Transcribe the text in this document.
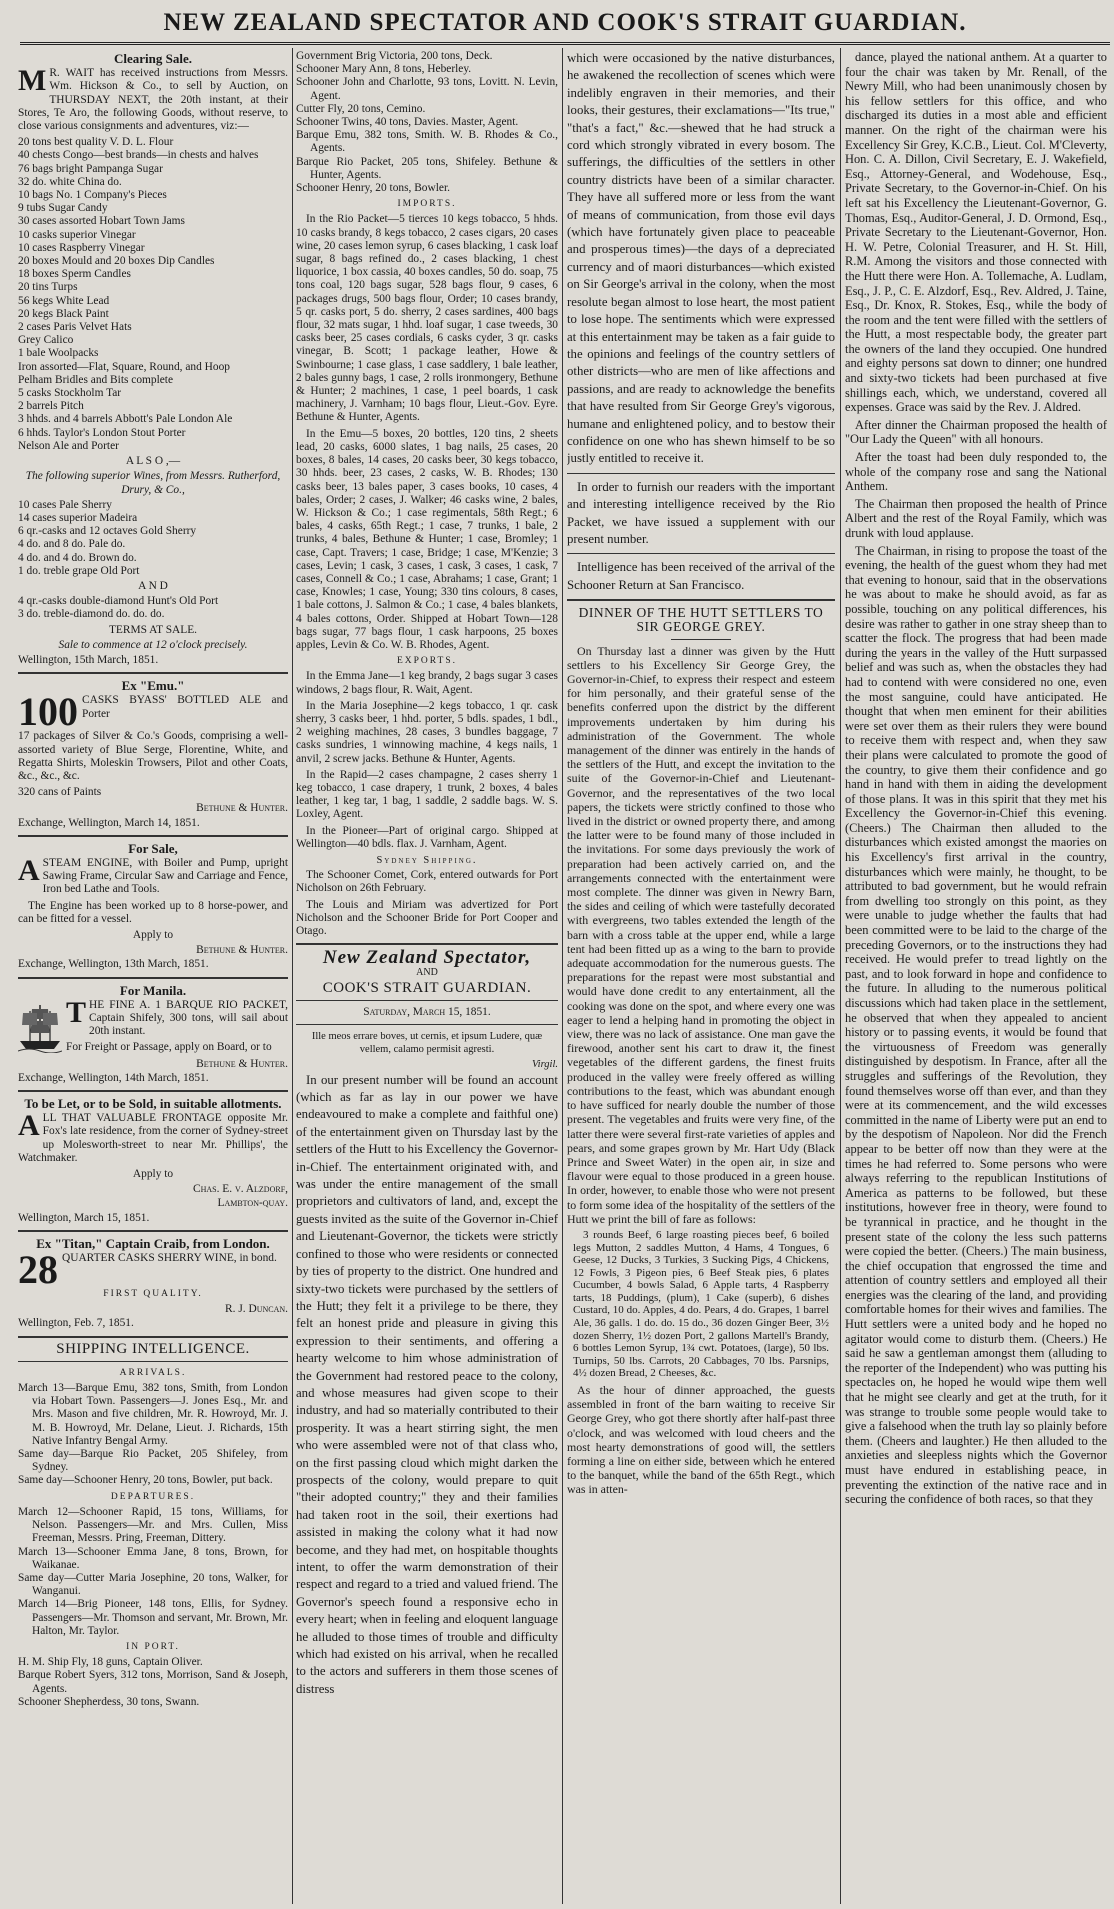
NEW ZEALAND SPECTATOR AND COOK'S STRAIT GUARDIAN.
Clearing Sale.

M R. WAIT has received instructions from Messrs. Wm. Hickson & Co., to sell by Auction, on THURSDAY NEXT, the 20th instant, at their Stores, Te Aro, the following Goods, without reserve, to close various consignments and adventures, viz:—

20 tons best quality V. D. L. Flour
40 chests Congo—best brands—in chests and halves
76 bags bright Pampanga Sugar
32 do. white China do.
10 bags No. 1 Company's Pieces
9 tubs Sugar Candy
30 cases assorted Hobart Town Jams
10 casks superior Vinegar
10 cases Raspberry Vinegar
20 boxes Mould and 20 boxes Dip Candles
18 boxes Sperm Candles
20 tins Turps
56 kegs White Lead
20 kegs Black Paint
2 cases Paris Velvet Hats
Grey Calico
1 bale Woolpacks
Iron assorted—Flat, Square, Round, and Hoop
Pelham Bridles and Bits complete
5 casks Stockholm Tar
2 barrels Pitch
3 hhds. and 4 barrels Abbott's Pale London Ale
6 hhds. Taylor's London Stout Porter
Nelson Ale and Porter
A L S O ,—
The following superior Wines, from Messrs. Rutherford, Drury, & Co.,
10 cases Pale Sherry
14 cases superior Madeira
6 qr.-casks and 12 octaves Gold Sherry
4 do. and 8 do. Pale do.
4 do. and 4 do. Brown do.
1 do. treble grape Old Port
A N D
4 qr.-casks double-diamond Hunt's Old Port
3 do. treble-diamond do. do. do.
TERMS AT SALE.
Sale to commence at 12 o'clock precisely.
Wellington, 15th March, 1851.
Ex "Emu."

100 CASKS BYASS' BOTTLED ALE and Porter

17 packages of Silver & Co.'s Goods, comprising a well-assorted variety of Blue Serge, Florentine, White, and Regatta Shirts, Moleskin Trowsers, Pilot and other Coats, &c., &c., &c.

320 cans of Paints

Bethune & Hunter.
Exchange, Wellington, March 14, 1851.
For Sale,

ASTEAM ENGINE, with Boiler and Pump, upright Sawing Frame, Circular Saw and Carriage and Fence, Iron bed Lathe and Tools.

The Engine has been worked up to 8 horse-power, and can be fitted for a vessel.

Apply to
Bethune & Hunter.
Exchange, Wellington, 13th March, 1851.
For Manila.

THE FINE A. 1 BARQUE RIO PACKET, Captain Shifely, 300 tons, will sail about 20th instant.

For Freight or Passage, apply on Board, or to

Bethune & Hunter.
Exchange, Wellington, 14th March, 1851.
To be Let, or to be Sold, in suitable allotments.

ALL THAT VALUABLE FRONTAGE opposite Mr. Fox's late residence, from the corner of Sydney-street up Molesworth-street to near Mr. Phillips', the Watchmaker.

Apply to
Chas. E. v. Alzdorf,
Lambton-quay.
Wellington, March 15, 1851.
Ex "Titan," Captain Craib, from London.

28 QUARTER CASKS SHERRY WINE, in bond.

FIRST QUALITY.
R. J. Duncan.
Wellington, Feb. 7, 1851.
SHIPPING INTELLIGENCE.
ARRIVALS.
March 13—Barque Emu, 382 tons, Smith, from London via Hobart Town. Passengers—J. Jones Esq., Mr. and Mrs. Mason and five children, Mr. R. Howroyd, Mr. J. M. B. Howroyd, Mr. Delane, Lieut. J. Richards, 15th Native Infantry Bengal Army.
Same day—Barque Rio Packet, 205 Shifeley, from Sydney.
Same day—Schooner Henry, 20 tons, Bowler, put back.
DEPARTURES.
March 12—Schooner Rapid, 15 tons, Williams, for Nelson. Passengers—Mr. and Mrs. Cullen, Miss Freeman, Messrs. Pring, Freeman, Dittery.
March 13—Schooner Emma Jane, 8 tons, Brown, for Waikanae.
Same day—Cutter Maria Josephine, 20 tons, Walker, for Wanganui.
March 14—Brig Pioneer, 148 tons, Ellis, for Sydney. Passengers—Mr. Thomson and servant, Mr. Brown, Mr. Halton, Mr. Taylor.
IN PORT.
H. M. Ship Fly, 18 guns, Captain Oliver.
Barque Robert Syers, 312 tons, Morrison, Sand & Joseph, Agents.
Schooner Shepherdess, 30 tons, Swann.
Government Brig Victoria, 200 tons, Deck.
Schooner Mary Ann, 8 tons, Heberley.
Schooner John and Charlotte, 93 tons, Lovitt. N. Levin, Agent.
Cutter Fly, 20 tons, Cemino.
Schooner Twins, 40 tons, Davies. Master, Agent.
Barque Emu, 382 tons, Smith. W. B. Rhodes & Co., Agents.
Barque Rio Packet, 205 tons, Shifeley. Bethune & Hunter, Agents.
Schooner Henry, 20 tons, Bowler.
IMPORTS.

In the Rio Packet—5 tierces 10 kegs tobacco, 5 hhds. 10 casks brandy, 8 kegs tobacco, 2 cases cigars, 20 cases wine, 20 cases lemon syrup, 6 cases blacking, 1 cask loaf sugar, 8 bags refined do., 2 cases blacking, 1 chest liquorice, 1 box cassia, 40 boxes candles, 50 do. soap, 75 tons coal, 120 bags sugar, 528 bags flour, 9 cases, 6 packages drugs, 500 bags flour, Order; 10 cases brandy, 5 qr. casks port, 5 do. sherry, 2 cases sardines, 400 bags flour, 32 mats sugar, 1 hhd. loaf sugar, 1 case tweeds, 30 casks beer, 25 cases cordials, 6 casks cyder, 3 qr. casks vinegar, B. Scott; 1 package leather, Howe & Swinbourne; 1 case glass, 1 case saddlery, 1 bale leather, 2 bales gunny bags, 1 case, 2 rolls ironmongery, Bethune & Hunter; 2 machines, 1 case, 1 peel boards, 1 cask machinery, J. Varnham; 10 bags flour, Lieut.-Gov. Eyre. Bethune & Hunter, Agents.

In the Emu—5 boxes, 20 bottles, 120 tins, 2 sheets lead, 20 casks, 6000 slates, 1 bag nails, 25 cases, 20 boxes, 8 bales, 14 cases, 20 casks beer, 30 kegs tobacco, 30 hhds. beer, 23 cases, 2 casks, W. B. Rhodes; 130 casks beer, 13 bales paper, 3 cases books, 10 cases, 4 bales, Order; 2 cases, J. Walker; 46 casks wine, 2 bales, W. Hickson & Co.; 1 case regimentals, 58th Regt.; 6 bales, 4 casks, 65th Regt.; 1 case, 7 trunks, 1 bale, 2 trunks, 4 bales, Bethune & Hunter; 1 case, Bromley; 1 case, Capt. Travers; 1 case, Bridge; 1 case, M'Kenzie; 3 cases, Levin; 1 cask, 3 cases, 1 cask, 3 cases, 1 cask, 7 cases, Connell & Co.; 1 case, Abrahams; 1 case, Grant; 1 case, Knowles; 1 case, Young; 330 tins colours, 8 cases, 1 bale cottons, J. Salmon & Co.; 1 case, 4 bales blankets, 4 bales cottons, Order. Shipped at Hobart Town—128 bags sugar, 77 bags flour, 1 cask harpoons, 25 boxes apples, Levin & Co. W. B. Rhodes, Agent.

EXPORTS.

In the Emma Jane—1 keg brandy, 2 bags sugar 3 cases windows, 2 bags flour, R. Wait, Agent.

In the Maria Josephine—2 kegs tobacco, 1 qr. cask sherry, 3 casks beer, 1 hhd. porter, 5 bdls. spades, 1 bdl., 2 weighing machines, 28 cases, 3 bundles baggage, 7 casks sundries, 1 winnowing machine, 4 kegs nails, 1 anvil, 2 screw jacks. Bethune & Hunter, Agents.

In the Rapid—2 cases champagne, 2 cases sherry 1 keg tobacco, 1 case drapery, 1 trunk, 2 boxes, 4 bales leather, 1 keg tar, 1 bag, 1 saddle, 2 saddle bags. W. S. Loxley, Agent.

In the Pioneer—Part of original cargo. Shipped at Wellington—40 bdls. flax. J. Varnham, Agent.

Sydney Shipping.

The Schooner Comet, Cork, entered outwards for Port Nicholson on 26th February.

The Louis and Miriam was advertized for Port Nicholson and the Schooner Bride for Port Cooper and Otago.

New Zealand Spectator,
AND
COOK'S STRAIT GUARDIAN.
Saturday, March 15, 1851.
Ille meos errare boves, ut cernis, et ipsum Ludere, quæ vellem, calamo permisit agresti.
Virgil.

In our present number will be found an account (which as far as lay in our power we have endeavoured to make a complete and faithful one) of the entertainment given on Thursday last by the settlers of the Hutt to his Excellency the Governor-in-Chief. The entertainment originated with, and was under the entire management of the small proprietors and cultivators of land, and, except the guests invited as the suite of the Governor in-Chief and Lieutenant-Governor, the tickets were strictly confined to those who were residents or connected by ties of property to the district. One hundred and sixty-two tickets were purchased by the settlers of the Hutt; they felt it a privilege to be there, they felt an honest pride and pleasure in giving this expression to their sentiments, and offering a hearty welcome to him whose administration of the Government had restored peace to the colony, and whose measures had given scope to their industry, and had so materially contributed to their prosperity. It was a heart stirring sight, the men who were assembled were not of that class who, on the first passing cloud which might darken the prospects of the colony, would prepare to quit "their adopted country;" they and their families had taken root in the soil, their exertions had assisted in making the colony what it had now become, and they had met, on hospitable thoughts intent, to offer the warm demonstration of their respect and regard to a tried and valued friend. The Governor's speech found a responsive echo in every heart; when in feeling and eloquent language he alluded to those times of trouble and difficulty which had existed on his arrival, when he recalled to the actors and sufferers in them those scenes of distress

which were occasioned by the native disturbances, he awakened the recollection of scenes which were indelibly engraven in their memories, and their looks, their gestures, their exclamations—"Its true," "that's a fact," &c.—shewed that he had struck a cord which strongly vibrated in every bosom. The sufferings, the difficulties of the settlers in other country districts have been of a similar character. They have all suffered more or less from the want of means of communication, from those evil days (which have fortunately given place to peaceable and prosperous times)—the days of a depreciated currency and of maori disturbances—which existed on Sir George's arrival in the colony, when the most resolute began almost to lose heart, the most patient to lose hope. The sentiments which were expressed at this entertainment may be taken as a fair guide to the opinions and feelings of the country settlers of other districts—who are men of like affections and passions, and are ready to acknowledge the benefits that have resulted from Sir George Grey's vigorous, humane and enlightened policy, and to bestow their confidence on one who has shewn himself to be so justly entitled to receive it.

In order to furnish our readers with the important and interesting intelligence received by the Rio Packet, we have issued a supplement with our present number.

Intelligence has been received of the arrival of the Schooner Return at San Francisco.

DINNER OF THE HUTT SETTLERS TO SIR GEORGE GREY.

On Thursday last a dinner was given by the Hutt settlers to his Excellency Sir George Grey, the Governor-in-Chief, to express their respect and esteem for him personally, and their grateful sense of the benefits conferred upon the district by the different improvements undertaken by him during his administration of the Government. The whole management of the dinner was entirely in the hands of the settlers of the Hutt, and except the invitation to the suite of the Governor-in-Chief and Lieutenant-Governor, and the representatives of the two local papers, the tickets were strictly confined to those who lived in the district or owned property there, and among the latter were to be found many of those included in the invitations. For some days previously the work of preparation had been actively carried on, and the arrangements connected with the entertainment were most complete. The dinner was given in Newry Barn, the sides and ceiling of which were tastefully decorated with evergreens, two tables extended the length of the barn with a cross table at the upper end, while a large tent had been fitted up as a wing to the barn to provide adequate accommodation for the numerous guests. The preparations for the repast were most substantial and would have done credit to any entertainment, all the cooking was done on the spot, and where every one was eager to lend a helping hand in promoting the object in view, there was no lack of assistance. One man gave the firewood, another sent his cart to draw it, the finest vegetables of the different gardens, the finest fruits produced in the valley were freely offered as willing contributions to the feast, which was abundant enough to have sufficed for nearly double the number of those present. The vegetables and fruits were very fine, of the latter there were several first-rate varieties of apples and pears, and some grapes grown by Mr. Hart Udy (Black Prince and Sweet Water) in the open air, in size and flavour were equal to those produced in a green house. In order, however, to enable those who were not present to form some idea of the hospitality of the settlers of the Hutt we print the bill of fare as follows:

3 rounds Beef, 6 large roasting pieces beef, 6 boiled legs Mutton, 2 saddles Mutton, 4 Hams, 4 Tongues, 6 Geese, 12 Ducks, 3 Turkies, 3 Sucking Pigs, 4 Chickens, 12 Fowls, 3 Pigeon pies, 6 Beef Steak pies, 6 plates Cucumber, 4 bowls Salad, 6 Apple tarts, 4 Raspberry tarts, 18 Puddings, (plum), 1 Cake (superb), 6 dishes Custard, 10 do. Apples, 4 do. Pears, 4 do. Grapes, 1 barrel Ale, 36 galls. 1 do. do. 15 do., 36 dozen Ginger Beer, 3½ dozen Sherry, 1½ dozen Port, 2 gallons Martell's Brandy, 6 bottles Lemon Syrup, 1¾ cwt. Potatoes, (large), 50 lbs. Turnips, 50 lbs. Carrots, 20 Cabbages, 70 lbs. Parsnips, 4½ dozen Bread, 2 Cheeses, &c.

As the hour of dinner approached, the guests assembled in front of the barn waiting to receive Sir George Grey, who got there shortly after half-past three o'clock, and was welcomed with loud cheers and the most hearty demonstrations of good will, the settlers forming a line on either side, between which he entered to the banquet, while the band of the 65th Regt., which was in atten-

dance, played the national anthem. At a quarter to four the chair was taken by Mr. Renall, of the Newry Mill, who had been unanimously chosen by his fellow settlers for this office, and who discharged its duties in a most able and efficient manner. On the right of the chairman were his Excellency Sir Grey, K.C.B., Lieut. Col. M'Cleverty, Hon. C. A. Dillon, Civil Secretary, E. J. Wakefield, Esq., Attorney-General, and Wodehouse, Esq., Private Secretary, to the Governor-in-Chief. On his left sat his Excellency the Lieutenant-Governor, G. Thomas, Esq., Auditor-General, J. D. Ormond, Esq., Private Secretary to the Lieutenant-Governor, Hon. H. W. Petre, Colonial Treasurer, and H. St. Hill, R.M. Among the visitors and those connected with the Hutt there were Hon. A. Tollemache, A. Ludlam, Esq., J. P., C. E. Alzdorf, Esq., Rev. Aldred, J. Taine, Esq., Dr. Knox, R. Stokes, Esq., while the body of the room and the tent were filled with the settlers of the Hutt, a most respectable body, the greater part the owners of the land they occupied. One hundred and eighty persons sat down to dinner; one hundred and sixty-two tickets had been purchased at five shillings each, which, we understand, covered all expenses. Grace was said by the Rev. J. Aldred.

After dinner the Chairman proposed the health of "Our Lady the Queen" with all honours.

After the toast had been duly responded to, the whole of the company rose and sang the National Anthem.

The Chairman then proposed the health of Prince Albert and the rest of the Royal Family, which was drunk with loud applause.

The Chairman, in rising to propose the toast of the evening, the health of the guest whom they had met that evening to honour, said that in the observations he was about to make he should avoid, as far as possible, touching on any political differences, his desire was rather to gather in one stray sheep than to scatter the flock. The progress that had been made during the years in the valley of the Hutt surpassed belief and was such as, when the obstacles they had had to contend with were considered no one, even the most sanguine, could have anticipated. He thought that when men eminent for their abilities were set over them as their rulers they were bound to receive them with respect and, when they saw their plans were calculated to promote the good of the country, to give them their confidence and go hand in hand with them in aiding the development of those plans. It was in this spirit that they met his Excellency the Governor-in-Chief this evening. (Cheers.) The Chairman then alluded to the disturbances which existed amongst the maories on his Excellency's first arrival in the country, disturbances which were mainly, he thought, to be attributed to bad government, but he would refrain from dwelling too strongly on this point, as they were unable to judge whether the faults that had been committed were to be laid to the charge of the preceding Governors, or to the instructions they had received. He would prefer to tread lightly on the past, and to look forward in hope and confidence to the future. In alluding to the numerous political discussions which had taken place in the settlement, he observed that when they appealed to ancient history or to passing events, it would be found that the virtuousness of Freedom was generally distinguished by despotism. In France, after all the struggles and sufferings of the Revolution, they found themselves worse off than ever, and than they were at its commencement, and the wild excesses committed in the name of Liberty were put an end to by the despotism of Napoleon. Nor did the French appear to be better off now than they were at the times he had referred to. Some persons who were always referring to the republican Institutions of America as patterns to be followed, but these institutions, however free in theory, were found to be tyrannical in practice, and he thought in the present state of the colony the less such patterns were copied the better. (Cheers.) The main business, the chief occupation that engrossed the time and attention of country settlers and employed all their energies was the clearing of the land, and providing comfortable homes for their wives and families. The Hutt settlers were a united body and he hoped no agitator would come to disturb them. (Cheers.) He said he saw a gentleman amongst them (alluding to the reporter of the Independent) who was putting his spectacles on, he hoped he would wipe them well that he might see clearly and get at the truth, for it was strange to trouble some people would take to give a falsehood when the truth lay so plainly before them. (Cheers and laughter.) He then alluded to the anxieties and sleepless nights which the Governor must have endured in establishing peace, in preventing the extinction of the native race and in securing the confidence of both races, so that they
